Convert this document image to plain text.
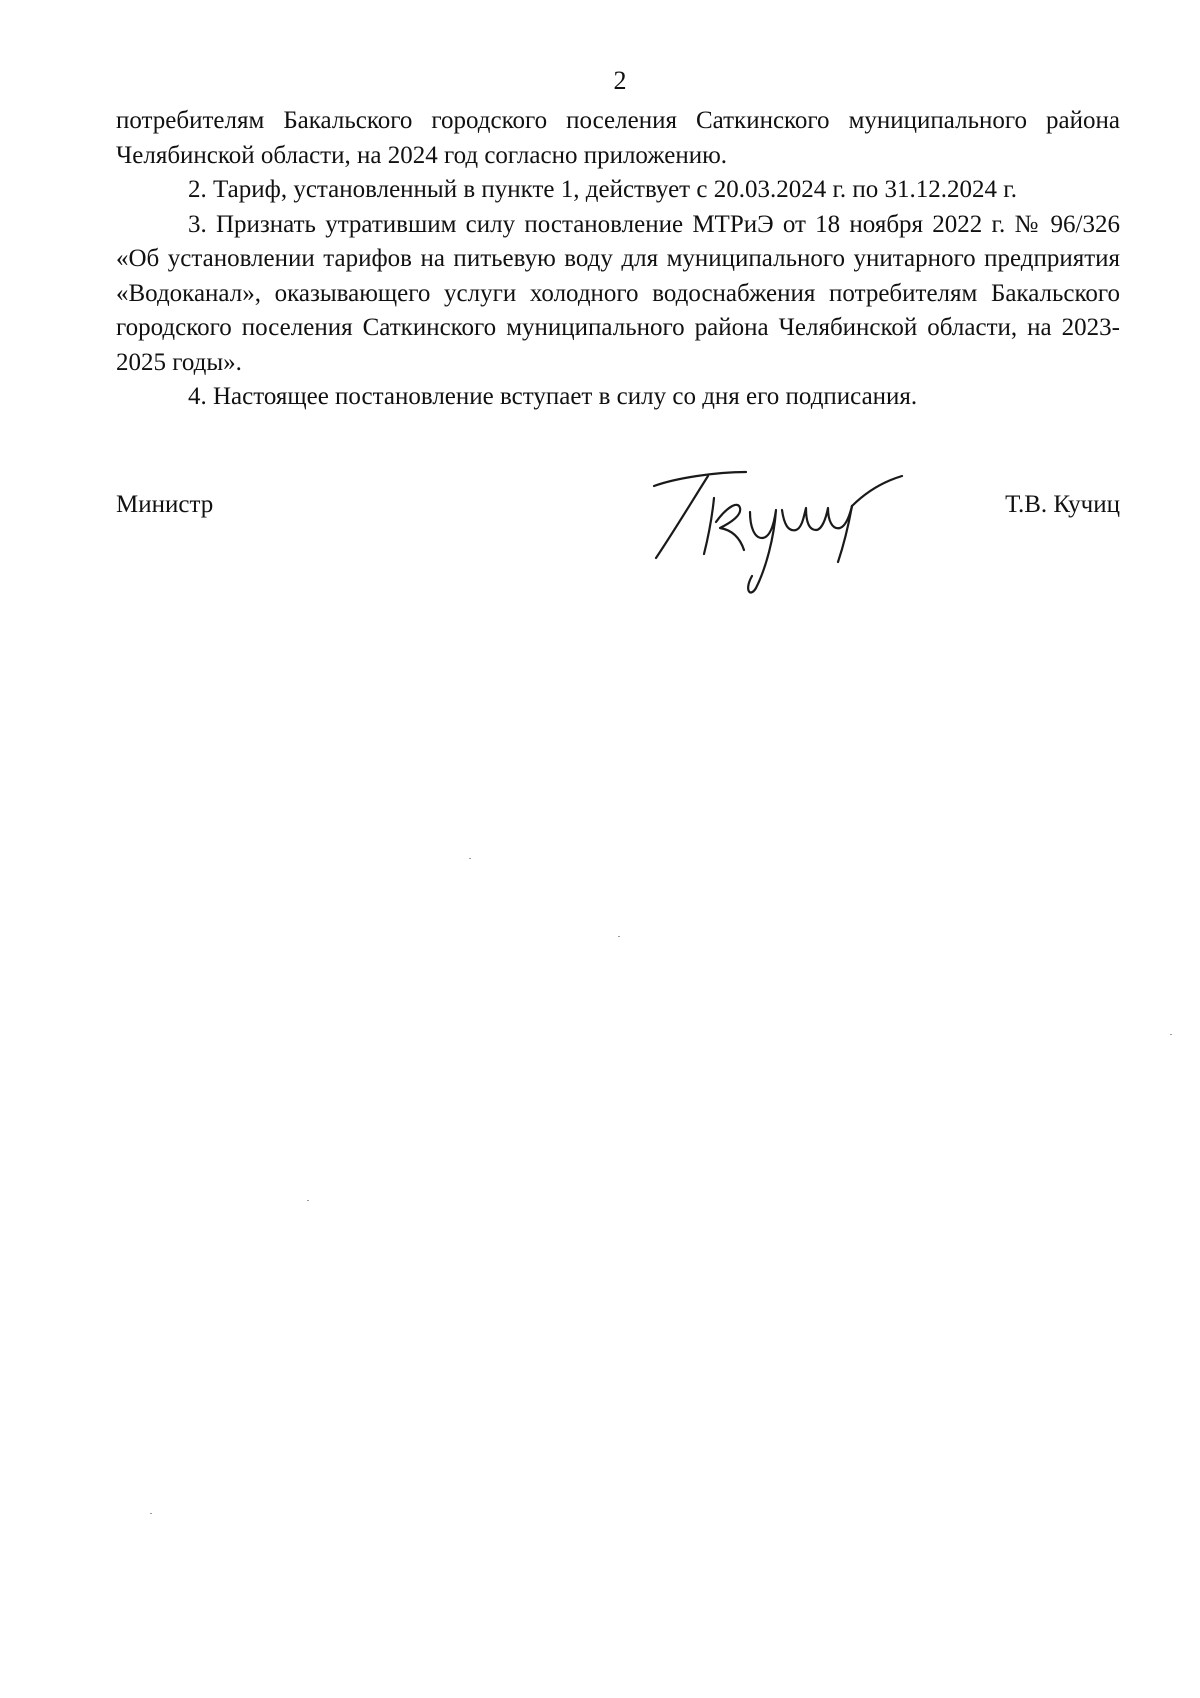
2

потребителям Бакальского городского поселения Саткинского муниципального района Челябинской области, на 2024 год согласно приложению.

2. Тариф, установленный в пункте 1, действует с 20.03.2024 г. по 31.12.2024 г.

3. Признать утратившим силу постановление МТРиЭ от 18 ноября 2022 г. № 96/326 «Об установлении тарифов на питьевую воду для муниципального унитарного предприятия «Водоканал», оказывающего услуги холодного водоснабжения потребителям Бакальского городского поселения Саткинского муниципального района Челябинской области, на 2023-2025 годы».

4. Настоящее постановление вступает в силу со дня его подписания.

Министр	Т.В. Кучиц
